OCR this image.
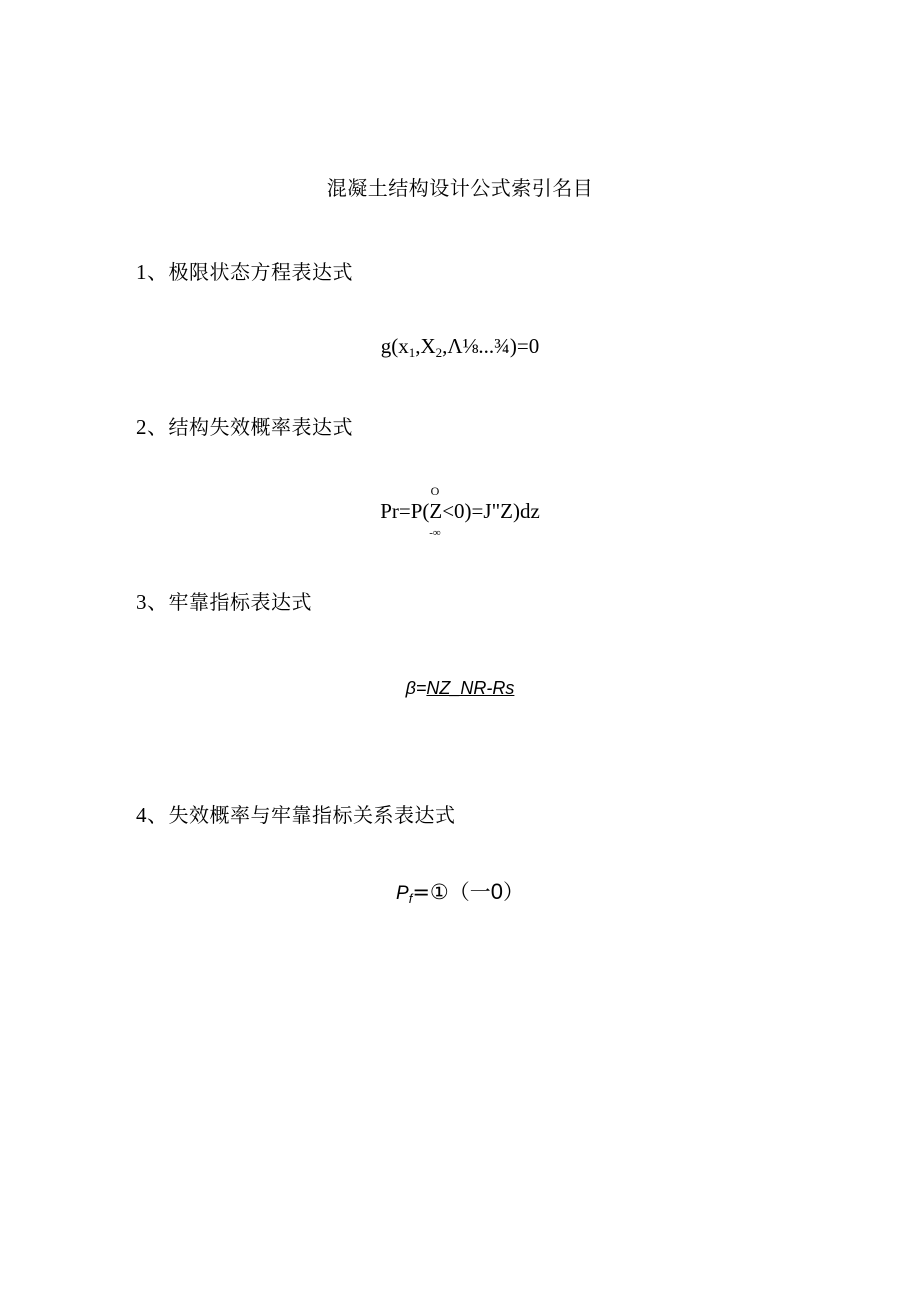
混凝土结构设计公式索引名目
1、极限状态方程表达式
$g(x_1,X_2,\Lambda\frac{1}{8}...\frac{3}{4})=0$
2、结构失效概率表达式
O
Pr=P(Z<0)=J"Z)dz
-∞
3、牢靠指标表达式
β=NZ_NR-Rs
4、失效概率与牢靠指标关系表达式
$P_f=①$（一0）
